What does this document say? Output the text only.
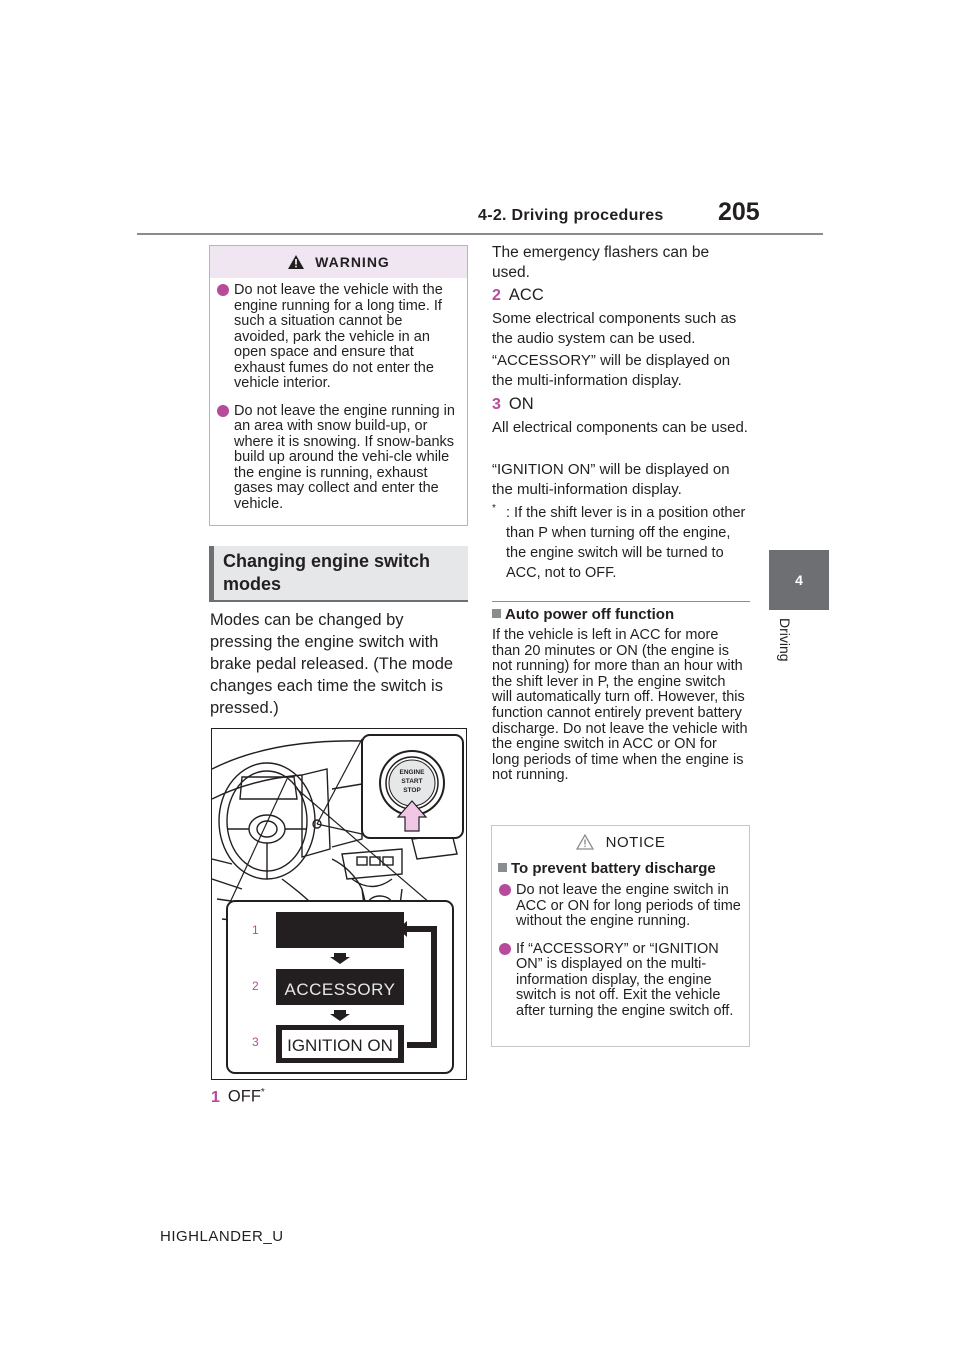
4-2. Driving procedures 205
4
Driving
WARNING
Do not leave the vehicle with the engine running for a long time. If such a situation cannot be avoided, park the vehicle in an open space and ensure that exhaust fumes do not enter the vehicle interior.
Do not leave the engine running in an area with snow build-up, or where it is snowing. If snow-banks build up around the vehi-cle while the engine is running, exhaust gases may collect and enter the vehicle.
Changing engine switch modes
Modes can be changed by pressing the engine switch with brake pedal released. (The mode changes each time the switch is pressed.)
ENGINE
START
STOP
1
2
3
ACCESSORY
IGNITION ON
1 OFF*
The emergency flashers can be used.
2 ACC
Some electrical components such as the audio system can be used.
“ACCESSORY” will be displayed on the multi-information display.
3 ON
All electrical components can be used.
“IGNITION ON” will be displayed on the multi-information display.
* : If the shift lever is in a position other than P when turning off the engine, the engine switch will be turned to ACC, not to OFF.
Auto power off function
If the vehicle is left in ACC for more than 20 minutes or ON (the engine is not running) for more than an hour with the shift lever in P, the engine switch will automatically turn off. However, this function cannot entirely prevent battery discharge. Do not leave the vehicle with the engine switch in ACC or ON for long periods of time when the engine is not running.
NOTICE
To prevent battery discharge
Do not leave the engine switch in ACC or ON for long periods of time without the engine running.
If “ACCESSORY” or “IGNITION ON” is displayed on the multi-information display, the engine switch is not off. Exit the vehicle after turning the engine switch off.
HIGHLANDER_U
